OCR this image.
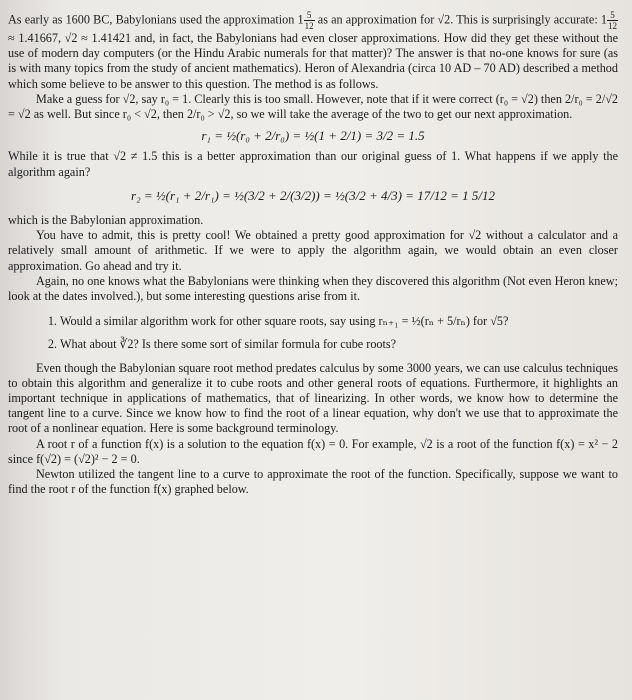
As early as 1600 BC, Babylonians used the approximation $1 \frac{5}{12}$ as an approximation for √2. This is surprisingly accurate: $1 \frac{5}{12}$
≈ 1.41667, √2 ≈ 1.41421 and, in fact, the Babylonians had even closer approximations. How did they get these without the use of modern day computers (or the Hindu Arabic numerals for that matter)? The answer is that no-one knows for sure (as is with many topics from the study of ancient mathematics). Heron of Alexandria (circa 10 AD – 70 AD) described a method which some believe to be answer to this question. The method is as follows.

Make a guess for √2, say r₀ = 1. Clearly this is too small. However, note that if it were correct (r₀ = √2) then 2/r₀ = 2/√2 = √2 as well. But since r₀ < √2, then 2/r₀ > √2, so we will take the average of the two to get our next approximation.

r₁ = ½(r₀ + 2/r₀) = ½(1 + 2/1) = 3/2 = 1.5

While it is true that √2 ≠ 1.5 this is a better approximation than our original guess of 1. What happens if we apply the algorithm again?

r₂ = ½(r₁ + 2/r₁) = ½(3/2 + 2/(3/2)) = ½(3/2 + 4/3) = 17/12 = 1 5/12

which is the Babylonian approximation.

You have to admit, this is pretty cool! We obtained a pretty good approximation for √2 without a calculator and a relatively small amount of arithmetic. If we were to apply the algorithm again, we would obtain an even closer approximation. Go ahead and try it.

Again, no one knows what the Babylonians were thinking when they discovered this algorithm (Not even Heron knew; look at the dates involved.), but some interesting questions arise from it.

1. Would a similar algorithm work for other square roots, say using rₙ₊₁ = ½(rₙ + 5/rₙ) for √5?
2. What about ∛2? Is there some sort of similar formula for cube roots?

Even though the Babylonian square root method predates calculus by some 3000 years, we can use calculus techniques to obtain this algorithm and generalize it to cube roots and other general roots of equations. Furthermore, it highlights an important technique in applications of mathematics, that of linearizing. In other words, we know how to determine the tangent line to a curve. Since we know how to find the root of a linear equation, why don't we use that to approximate the root of a nonlinear equation. Here is some background terminology.

A root r of a function f(x) is a solution to the equation f(x) = 0. For example, √2 is a root of the function f(x) = x² − 2 since f(√2) = (√2)² − 2 = 0.

Newton utilized the tangent line to a curve to approximate the root of the function. Specifically, suppose we want to find the root r of the function f(x) graphed below.
